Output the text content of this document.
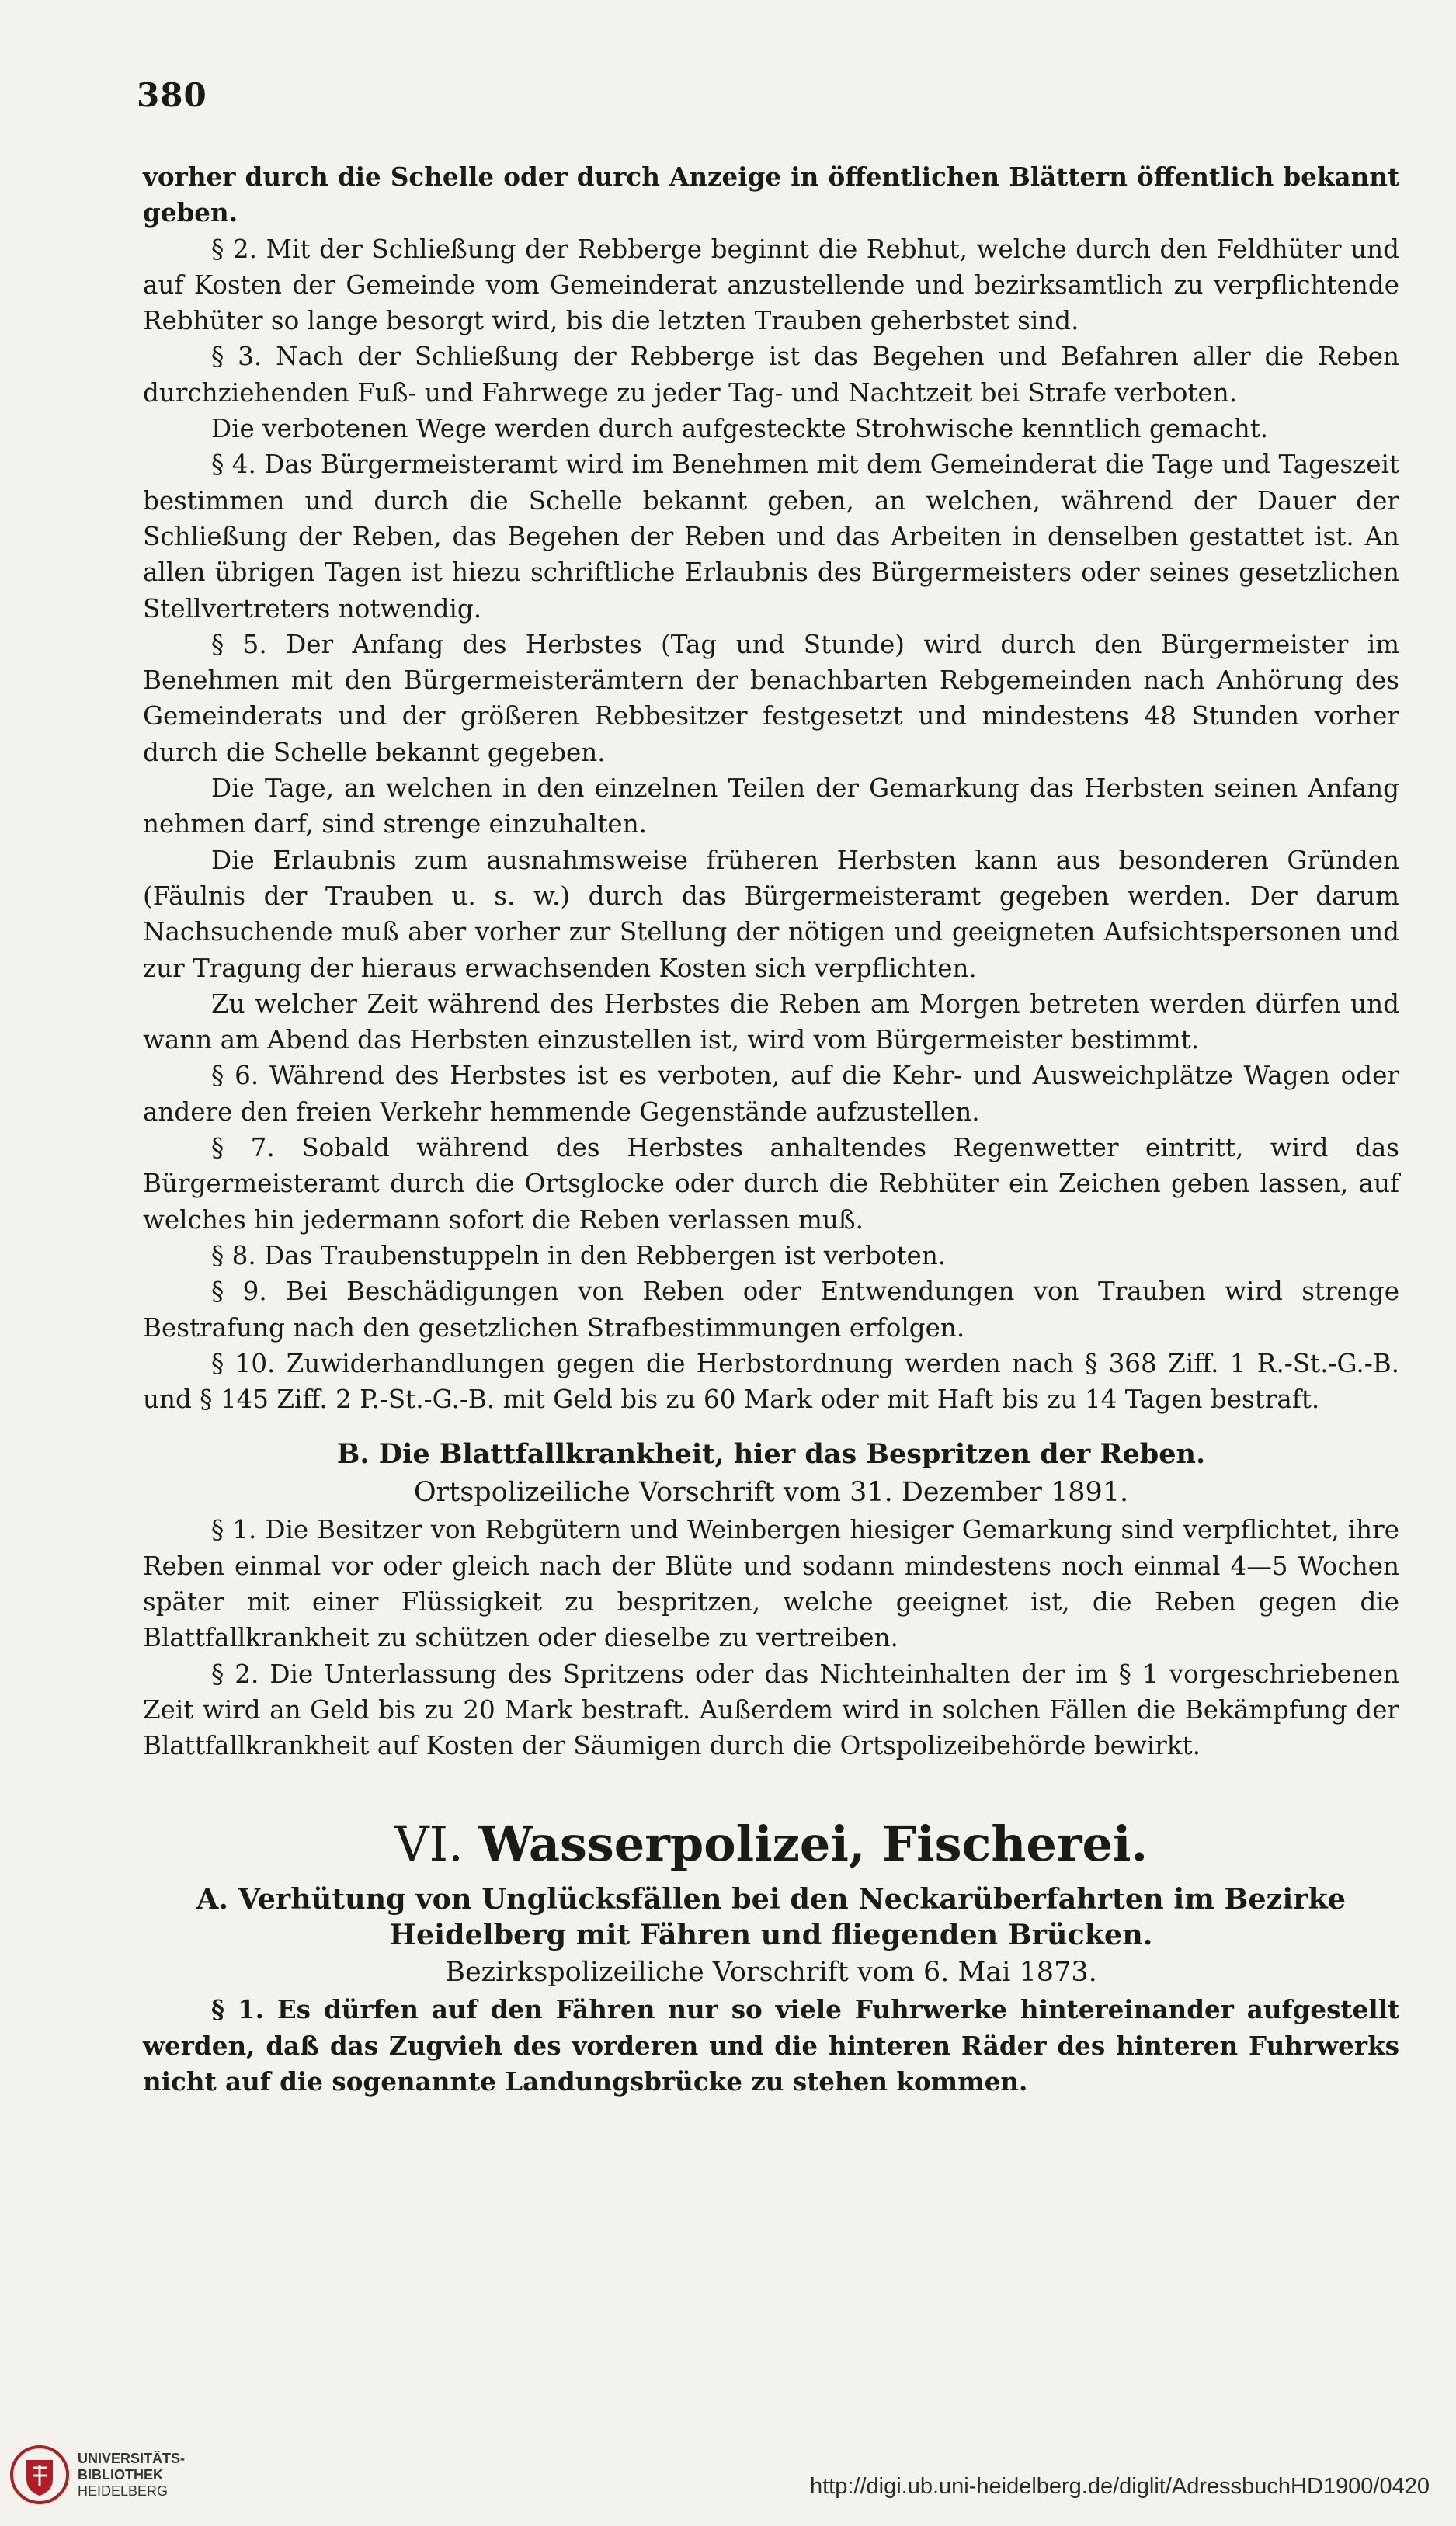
380

vorher durch die Schelle oder durch Anzeige in öffentlichen Blättern öffentlich bekannt geben.

§ 2. Mit der Schließung der Rebberge beginnt die Rebhut, welche durch den Feldhüter und auf Kosten der Gemeinde vom Gemeinderat anzustellende und bezirksamtlich zu verpflichtende Rebhüter so lange besorgt wird, bis die letzten Trauben geherbstet sind.

§ 3. Nach der Schließung der Rebberge ist das Begehen und Befahren aller die Reben durchziehenden Fuß- und Fahrwege zu jeder Tag- und Nachtzeit bei Strafe verboten.

Die verbotenen Wege werden durch aufgesteckte Strohwische kenntlich gemacht.

§ 4. Das Bürgermeisteramt wird im Benehmen mit dem Gemeinderat die Tage und Tageszeit bestimmen und durch die Schelle bekannt geben, an welchen, während der Dauer der Schließung der Reben, das Begehen der Reben und das Arbeiten in denselben gestattet ist. An allen übrigen Tagen ist hiezu schriftliche Erlaubnis des Bürgermeisters oder seines gesetzlichen Stellvertreters notwendig.

§ 5. Der Anfang des Herbstes (Tag und Stunde) wird durch den Bürgermeister im Benehmen mit den Bürgermeisterämtern der benachbarten Rebgemeinden nach Anhörung des Gemeinderats und der größeren Rebbesitzer festgesetzt und mindestens 48 Stunden vorher durch die Schelle bekannt gegeben.

Die Tage, an welchen in den einzelnen Teilen der Gemarkung das Herbsten seinen Anfang nehmen darf, sind strenge einzuhalten.

Die Erlaubnis zum ausnahmsweise früheren Herbsten kann aus besonderen Gründen (Fäulnis der Trauben u. s. w.) durch das Bürgermeisteramt gegeben werden. Der darum Nachsuchende muß aber vorher zur Stellung der nötigen und geeigneten Aufsichtspersonen und zur Tragung der hieraus erwachsenden Kosten sich verpflichten.

Zu welcher Zeit während des Herbstes die Reben am Morgen betreten werden dürfen und wann am Abend das Herbsten einzustellen ist, wird vom Bürgermeister bestimmt.

§ 6. Während des Herbstes ist es verboten, auf die Kehr- und Ausweichplätze Wagen oder andere den freien Verkehr hemmende Gegenstände aufzustellen.

§ 7. Sobald während des Herbstes anhaltendes Regenwetter eintritt, wird das Bürgermeisteramt durch die Ortsglocke oder durch die Rebhüter ein Zeichen geben lassen, auf welches hin jedermann sofort die Reben verlassen muß.

§ 8. Das Traubenstuppeln in den Rebbergen ist verboten.

§ 9. Bei Beschädigungen von Reben oder Entwendungen von Trauben wird strenge Bestrafung nach den gesetzlichen Strafbestimmungen erfolgen.

§ 10. Zuwiderhandlungen gegen die Herbstordnung werden nach § 368 Ziff. 1 R.-St.-G.-B. und § 145 Ziff. 2 P.-St.-G.-B. mit Geld bis zu 60 Mark oder mit Haft bis zu 14 Tagen bestraft.

B. Die Blattfallkrankheit, hier das Bespritzen der Reben.

Ortspolizeiliche Vorschrift vom 31. Dezember 1891.

§ 1. Die Besitzer von Rebgütern und Weinbergen hiesiger Gemarkung sind verpflichtet, ihre Reben einmal vor oder gleich nach der Blüte und sodann mindestens noch einmal 4—5 Wochen später mit einer Flüssigkeit zu bespritzen, welche geeignet ist, die Reben gegen die Blattfallkrankheit zu schützen oder dieselbe zu vertreiben.

§ 2. Die Unterlassung des Spritzens oder das Nichteinhalten der im § 1 vorgeschriebenen Zeit wird an Geld bis zu 20 Mark bestraft. Außerdem wird in solchen Fällen die Bekämpfung der Blattfallkrankheit auf Kosten der Säumigen durch die Ortspolizeibehörde bewirkt.

VI. Wasserpolizei, Fischerei.

A. Verhütung von Unglücksfällen bei den Neckarüberfahrten im Bezirke Heidelberg mit Fähren und fliegenden Brücken.

Bezirkspolizeiliche Vorschrift vom 6. Mai 1873.

§ 1. Es dürfen auf den Fähren nur so viele Fuhrwerke hintereinander aufgestellt werden, daß das Zugvieh des vorderen und die hinteren Räder des hinteren Fuhrwerks nicht auf die sogenannte Landungsbrücke zu stehen kommen.

UNIVERSITÄTS-
BIBLIOTHEK
HEIDELBERG	http://digi.ub.uni-heidelberg.de/diglit/AdressbuchHD1900/0420
